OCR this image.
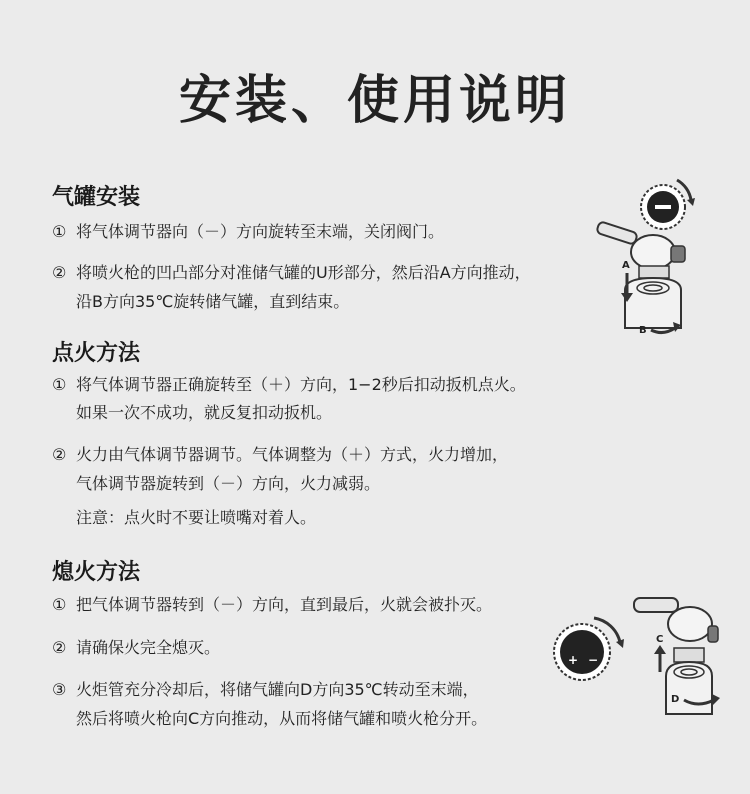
安装、使用说明
气罐安装
① 将气体调节器向（－）方向旋转至末端，关闭阀门。
② 将喷火枪的凹凸部分对准储气罐的U形部分，然后沿A方向推动，
沿B方向35℃旋转储气罐，直到结束。
点火方法
① 将气体调节器正确旋转至（＋）方向，1−2秒后扣动扳机点火。
如果一次不成功，就反复扣动扳机。
② 火力由气体调节器调节。气体调整为（＋）方式，火力增加，
气体调节器旋转到（－）方向，火力减弱。
注意：点火时不要让喷嘴对着人。
熄火方法
① 把气体调节器转到（－）方向，直到最后，火就会被扑灭。
② 请确保火完全熄灭。
③ 火炬管充分冷却后，将储气罐向D方向35℃转动至末端，
然后将喷火枪向C方向推动，从而将储气罐和喷火枪分开。
A
B
+ −
C
D
